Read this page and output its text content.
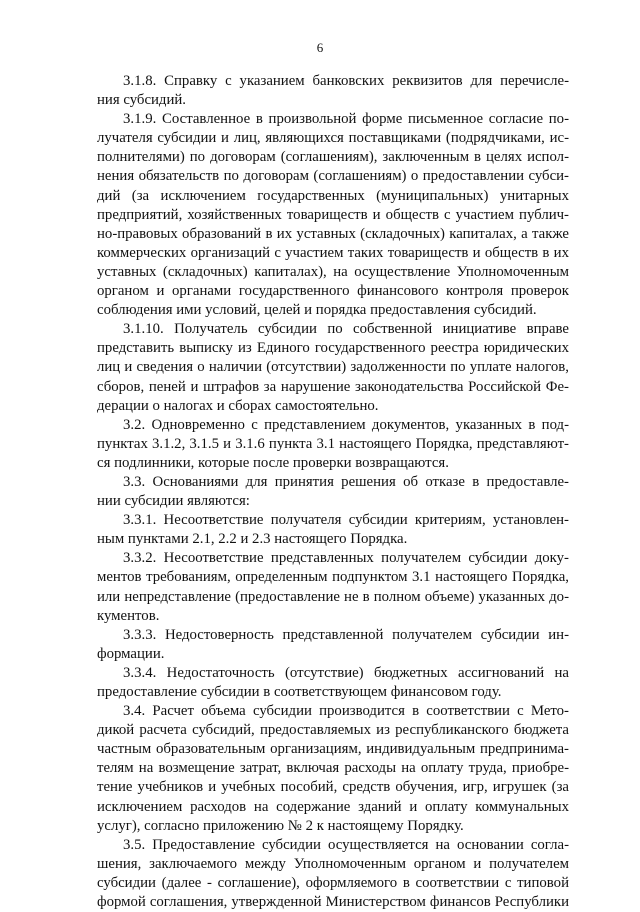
6
3.1.8. Справку с указанием банковских реквизитов для перечисле-
ния субсидий.
3.1.9. Составленное в произвольной форме письменное согласие по-
лучателя субсидии и лиц, являющихся поставщиками (подрядчиками, ис-
полнителями) по договорам (соглашениям), заключенным в целях испол-
нения обязательств по договорам (соглашениям) о предоставлении субси-
дий (за исключением государственных (муниципальных) унитарных
предприятий, хозяйственных товариществ и обществ с участием публич-
но-правовых образований в их уставных (складочных) капиталах, а также
коммерческих организаций с участием таких товариществ и обществ в их
уставных (складочных) капиталах), на осуществление Уполномоченным
органом и органами государственного финансового контроля проверок
соблюдения ими условий, целей и порядка предоставления субсидий.
3.1.10. Получатель субсидии по собственной инициативе вправе
представить выписку из Единого государственного реестра юридических
лиц и сведения о наличии (отсутствии) задолженности по уплате налогов,
сборов, пеней и штрафов за нарушение законодательства Российской Фе-
дерации о налогах и сборах самостоятельно.
3.2. Одновременно с представлением документов, указанных в под-
пунктах 3.1.2, 3.1.5 и 3.1.6 пункта 3.1 настоящего Порядка, представляют-
ся подлинники, которые после проверки возвращаются.
3.3. Основаниями для принятия решения об отказе в предоставле-
нии субсидии являются:
3.3.1. Несоответствие получателя субсидии критериям, установлен-
ным пунктами 2.1, 2.2 и 2.3 настоящего Порядка.
3.3.2. Несоответствие представленных получателем субсидии доку-
ментов требованиям, определенным подпунктом 3.1 настоящего Порядка,
или непредставление (предоставление не в полном объеме) указанных до-
кументов.
3.3.3. Недостоверность представленной получателем субсидии ин-
формации.
3.3.4. Недостаточность (отсутствие) бюджетных ассигнований на
предоставление субсидии в соответствующем финансовом году.
3.4. Расчет объема субсидии производится в соответствии с Мето-
дикой расчета субсидий, предоставляемых из республиканского бюджета
частным образовательным организациям, индивидуальным предпринима-
телям на возмещение затрат, включая расходы на оплату труда, приобре-
тение учебников и учебных пособий, средств обучения, игр, игрушек (за
исключением расходов на содержание зданий и оплату коммунальных
услуг), согласно приложению № 2 к настоящему Порядку.
3.5. Предоставление субсидии осуществляется на основании согла-
шения, заключаемого между Уполномоченным органом и получателем
субсидии (далее - соглашение), оформляемого в соответствии с типовой
формой соглашения, утвержденной Министерством финансов Республики
